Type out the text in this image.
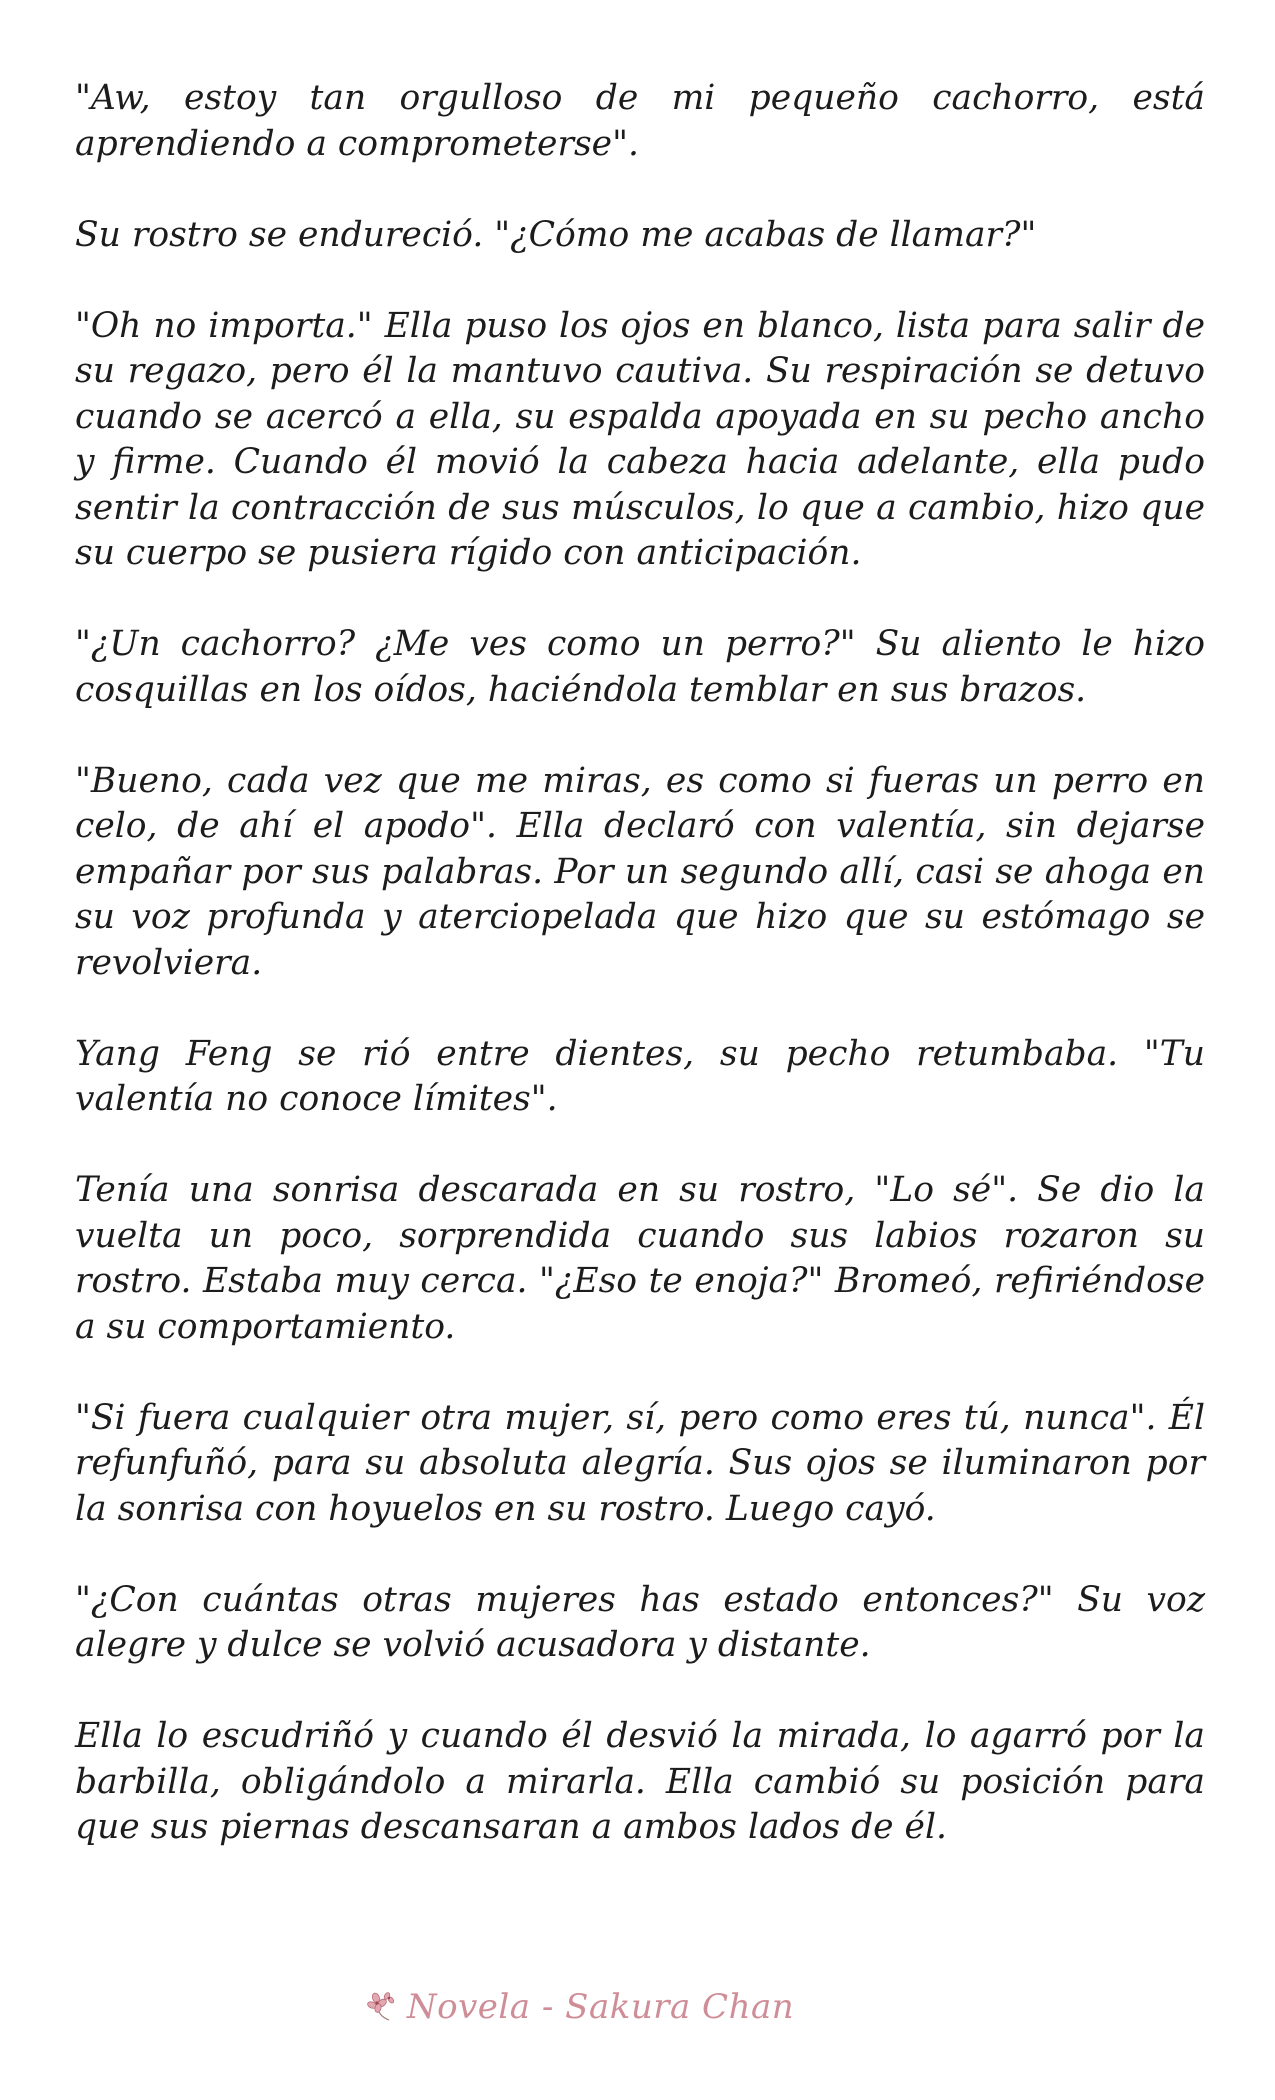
"Aw, estoy tan orgulloso de mi pequeño cachorro, está aprendiendo a comprometerse".

Su rostro se endureció. "¿Cómo me acabas de llamar?"

"Oh no importa." Ella puso los ojos en blanco, lista para salir de su regazo, pero él la mantuvo cautiva. Su respiración se detuvo cuando se acercó a ella, su espalda apoyada en su pecho ancho y firme. Cuando él movió la cabeza hacia adelante, ella pudo sentir la contracción de sus músculos, lo que a cambio, hizo que su cuerpo se pusiera rígido con anticipación.

"¿Un cachorro? ¿Me ves como un perro?" Su aliento le hizo cosquillas en los oídos, haciéndola temblar en sus brazos.

"Bueno, cada vez que me miras, es como si fueras un perro en celo, de ahí el apodo". Ella declaró con valentía, sin dejarse empañar por sus palabras. Por un segundo allí, casi se ahoga en su voz profunda y aterciopelada que hizo que su estómago se revolviera.

Yang Feng se rió entre dientes, su pecho retumbaba. "Tu valentía no conoce límites".

Tenía una sonrisa descarada en su rostro, "Lo sé". Se dio la vuelta un poco, sorprendida cuando sus labios rozaron su rostro. Estaba muy cerca. "¿Eso te enoja?" Bromeó, refiriéndose a su comportamiento.

"Si fuera cualquier otra mujer, sí, pero como eres tú, nunca". Él refunfuñó, para su absoluta alegría. Sus ojos se iluminaron por la sonrisa con hoyuelos en su rostro. Luego cayó.

"¿Con cuántas otras mujeres has estado entonces?" Su voz alegre y dulce se volvió acusadora y distante.

Ella lo escudriñó y cuando él desvió la mirada, lo agarró por la barbilla, obligándolo a mirarla. Ella cambió su posición para que sus piernas descansaran a ambos lados de él.

Novela - Sakura Chan
